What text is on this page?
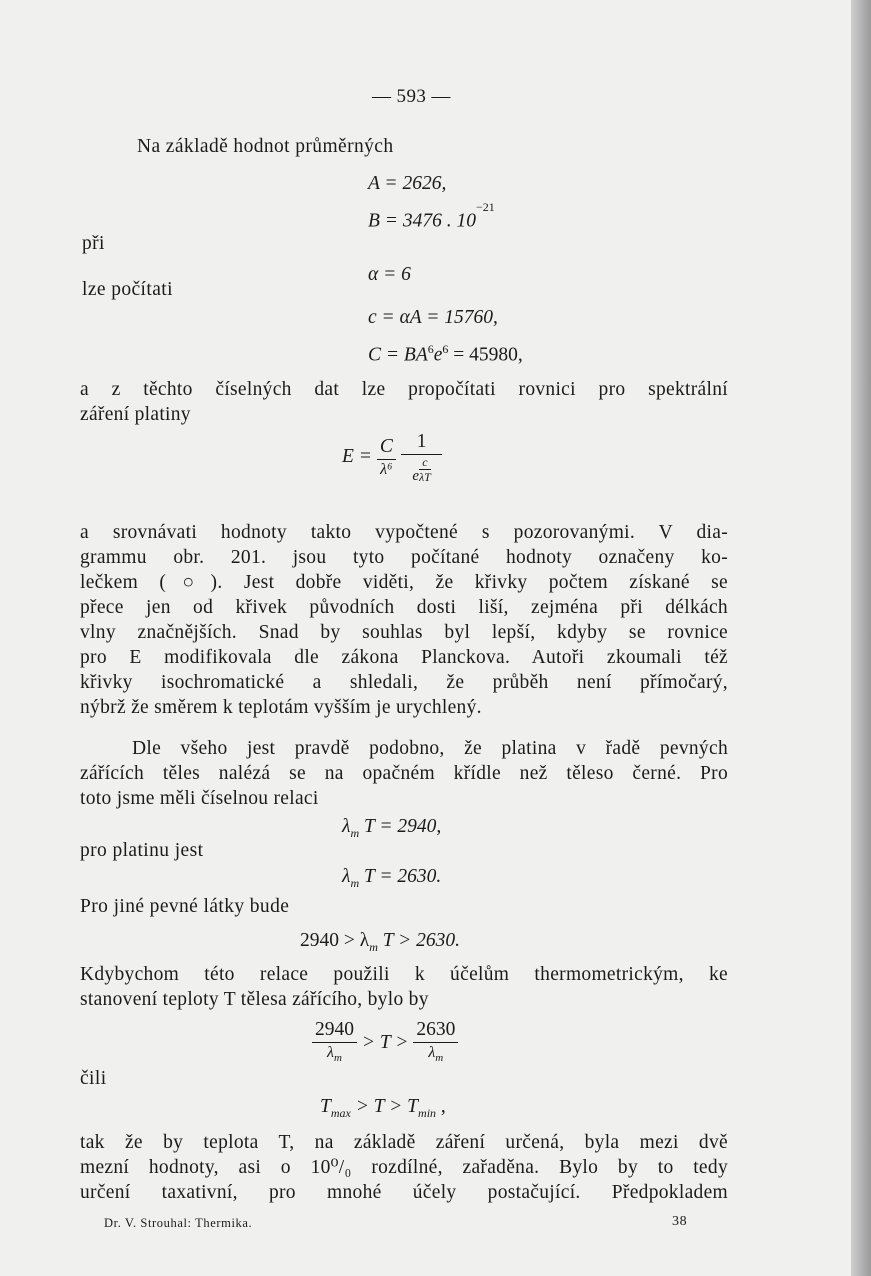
— 593 —
Na základě hodnot průměrných
A = 2626,
B = 3476 . $10^{-21}$
při
α = 6
lze počítati
c = αA = 15760,
$C = BA^6e^6 = 45980$,
a z těchto číselných dat lze propočítati rovnici pro spektrální
záření platiny
$E = \frac{C}{\text{λ⁶}}$
$\frac{1}{e \frac{c}{\lambda T}}$
a srovnávati hodnoty takto vypočtené s pozorovanými. V dia-
grammu obr. 201. jsou tyto počítané hodnoty označeny ko-
lečkem (○). Jest dobře viděti, že křivky počtem získané se
přece jen od křivek původních dosti liší, zejména při délkách
vlny značnějších. Snad by souhlas byl lepší, kdyby se rovnice
pro E modifikovala dle zákona Planckova. Autoři zkoumali též
křivky isochromatické a shledali, že průběh není přímočarý,
nýbrž že směrem k teplotám vyšším je urychlený.
Dle všeho jest pravdě podobno, že platina v řadě pevných
zářících těles nalézá se na opačném křídle než těleso černé. Pro
toto jsme měli číselnou relaci
$\lambda_m$ T = 2940,
pro platinu jest
$\lambda_m$ T = 2630.
Pro jiné pevné látky bude
$2940 > \lambda_m$ T > 2630.
Kdybychom této relace použili k účelům thermometrickým, ke
stanovení teploty T tělesa zářícího, bylo by
$\frac{2940}{\lambda_m} > T > \frac{2630}{\lambda_m}$
čili
$T_{max} > T > T_{min}$ ,
tak že by teplota T, na základě záření určená, byla mezi dvě
mezní hodnoty, asi o 10⁰/₀ rozdílné, zařaděna. Bylo by to tedy
určení taxativní, pro mnohé účely postačující. Předpokladem
Dr. V. Strouhal: Thermika.	38
